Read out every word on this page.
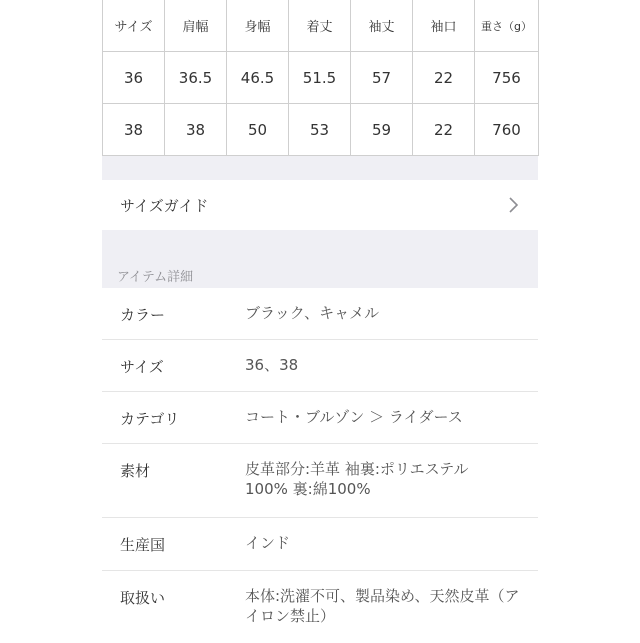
サイズ	肩幅	身幅	着丈	袖丈	袖口	重さ（g）
36	36.5	46.5	51.5	57	22	756
38	38	50	53	59	22	760
サイズガイド
アイテム詳細
カラー	ブラック、キャメル
サイズ	36、38
カテゴリ	コート・ブルゾン ＞ ライダース
素材	皮革部分:羊革 袖裏:ポリエステル 100% 裏:綿100%
生産国	インド
取扱い	本体:洗濯不可、製品染め、天然皮革（アイロン禁止）
